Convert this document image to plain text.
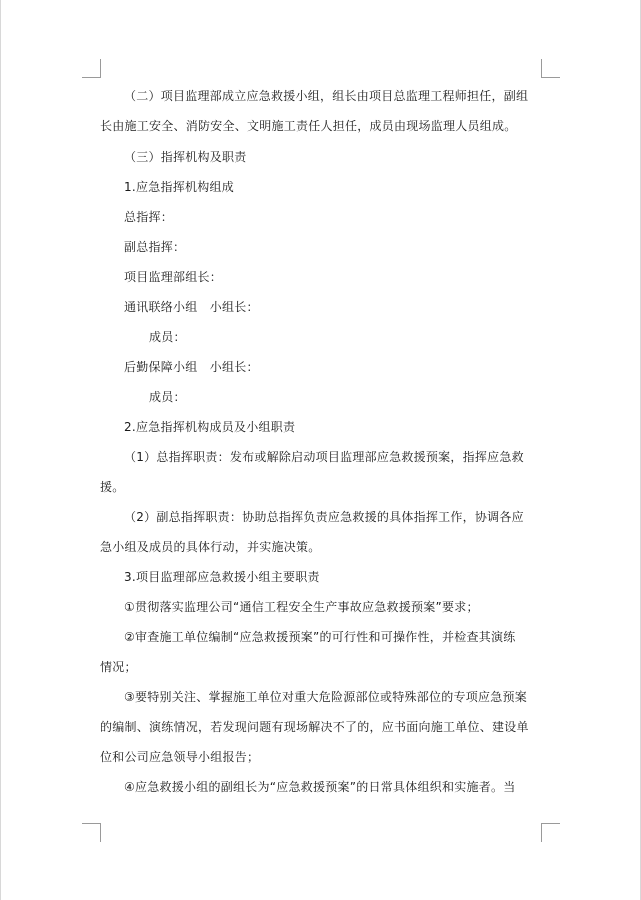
（二）项目监理部成立应急救援小组，组长由项目总监理工程师担任，副组
长由施工安全、消防安全、文明施工责任人担任，成员由现场监理人员组成。
（三）指挥机构及职责
1.应急指挥机构组成
总指挥：
副总指挥：
项目监理部组长：
通讯联络小组　小组长：
成员：
后勤保障小组　小组长：
成员：
2.应急指挥机构成员及小组职责
（1）总指挥职责：发布或解除启动项目监理部应急救援预案，指挥应急救
援。
（2）副总指挥职责：协助总指挥负责应急救援的具体指挥工作，协调各应
急小组及成员的具体行动，并实施决策。
3.项目监理部应急救援小组主要职责
①贯彻落实监理公司“通信工程安全生产事故应急救援预案”要求；
②审查施工单位编制“应急救援预案”的可行性和可操作性，并检查其演练
情况；
③要特别关注、掌握施工单位对重大危险源部位或特殊部位的专项应急预案
的编制、演练情况，若发现问题有现场解决不了的，应书面向施工单位、建设单
位和公司应急领导小组报告；
④应急救援小组的副组长为“应急救援预案”的日常具体组织和实施者。当
